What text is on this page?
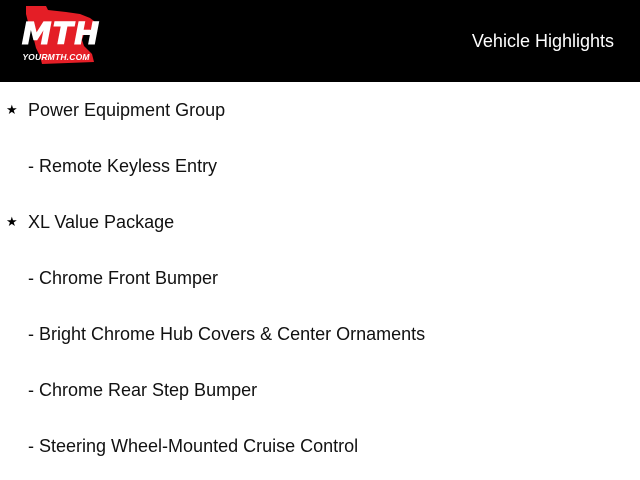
MTH
YOURMTH.COM
Vehicle Highlights
★ Power Equipment Group
- Remote Keyless Entry
★ XL Value Package
- Chrome Front Bumper
- Bright Chrome Hub Covers & Center Ornaments
- Chrome Rear Step Bumper
- Steering Wheel-Mounted Cruise Control
